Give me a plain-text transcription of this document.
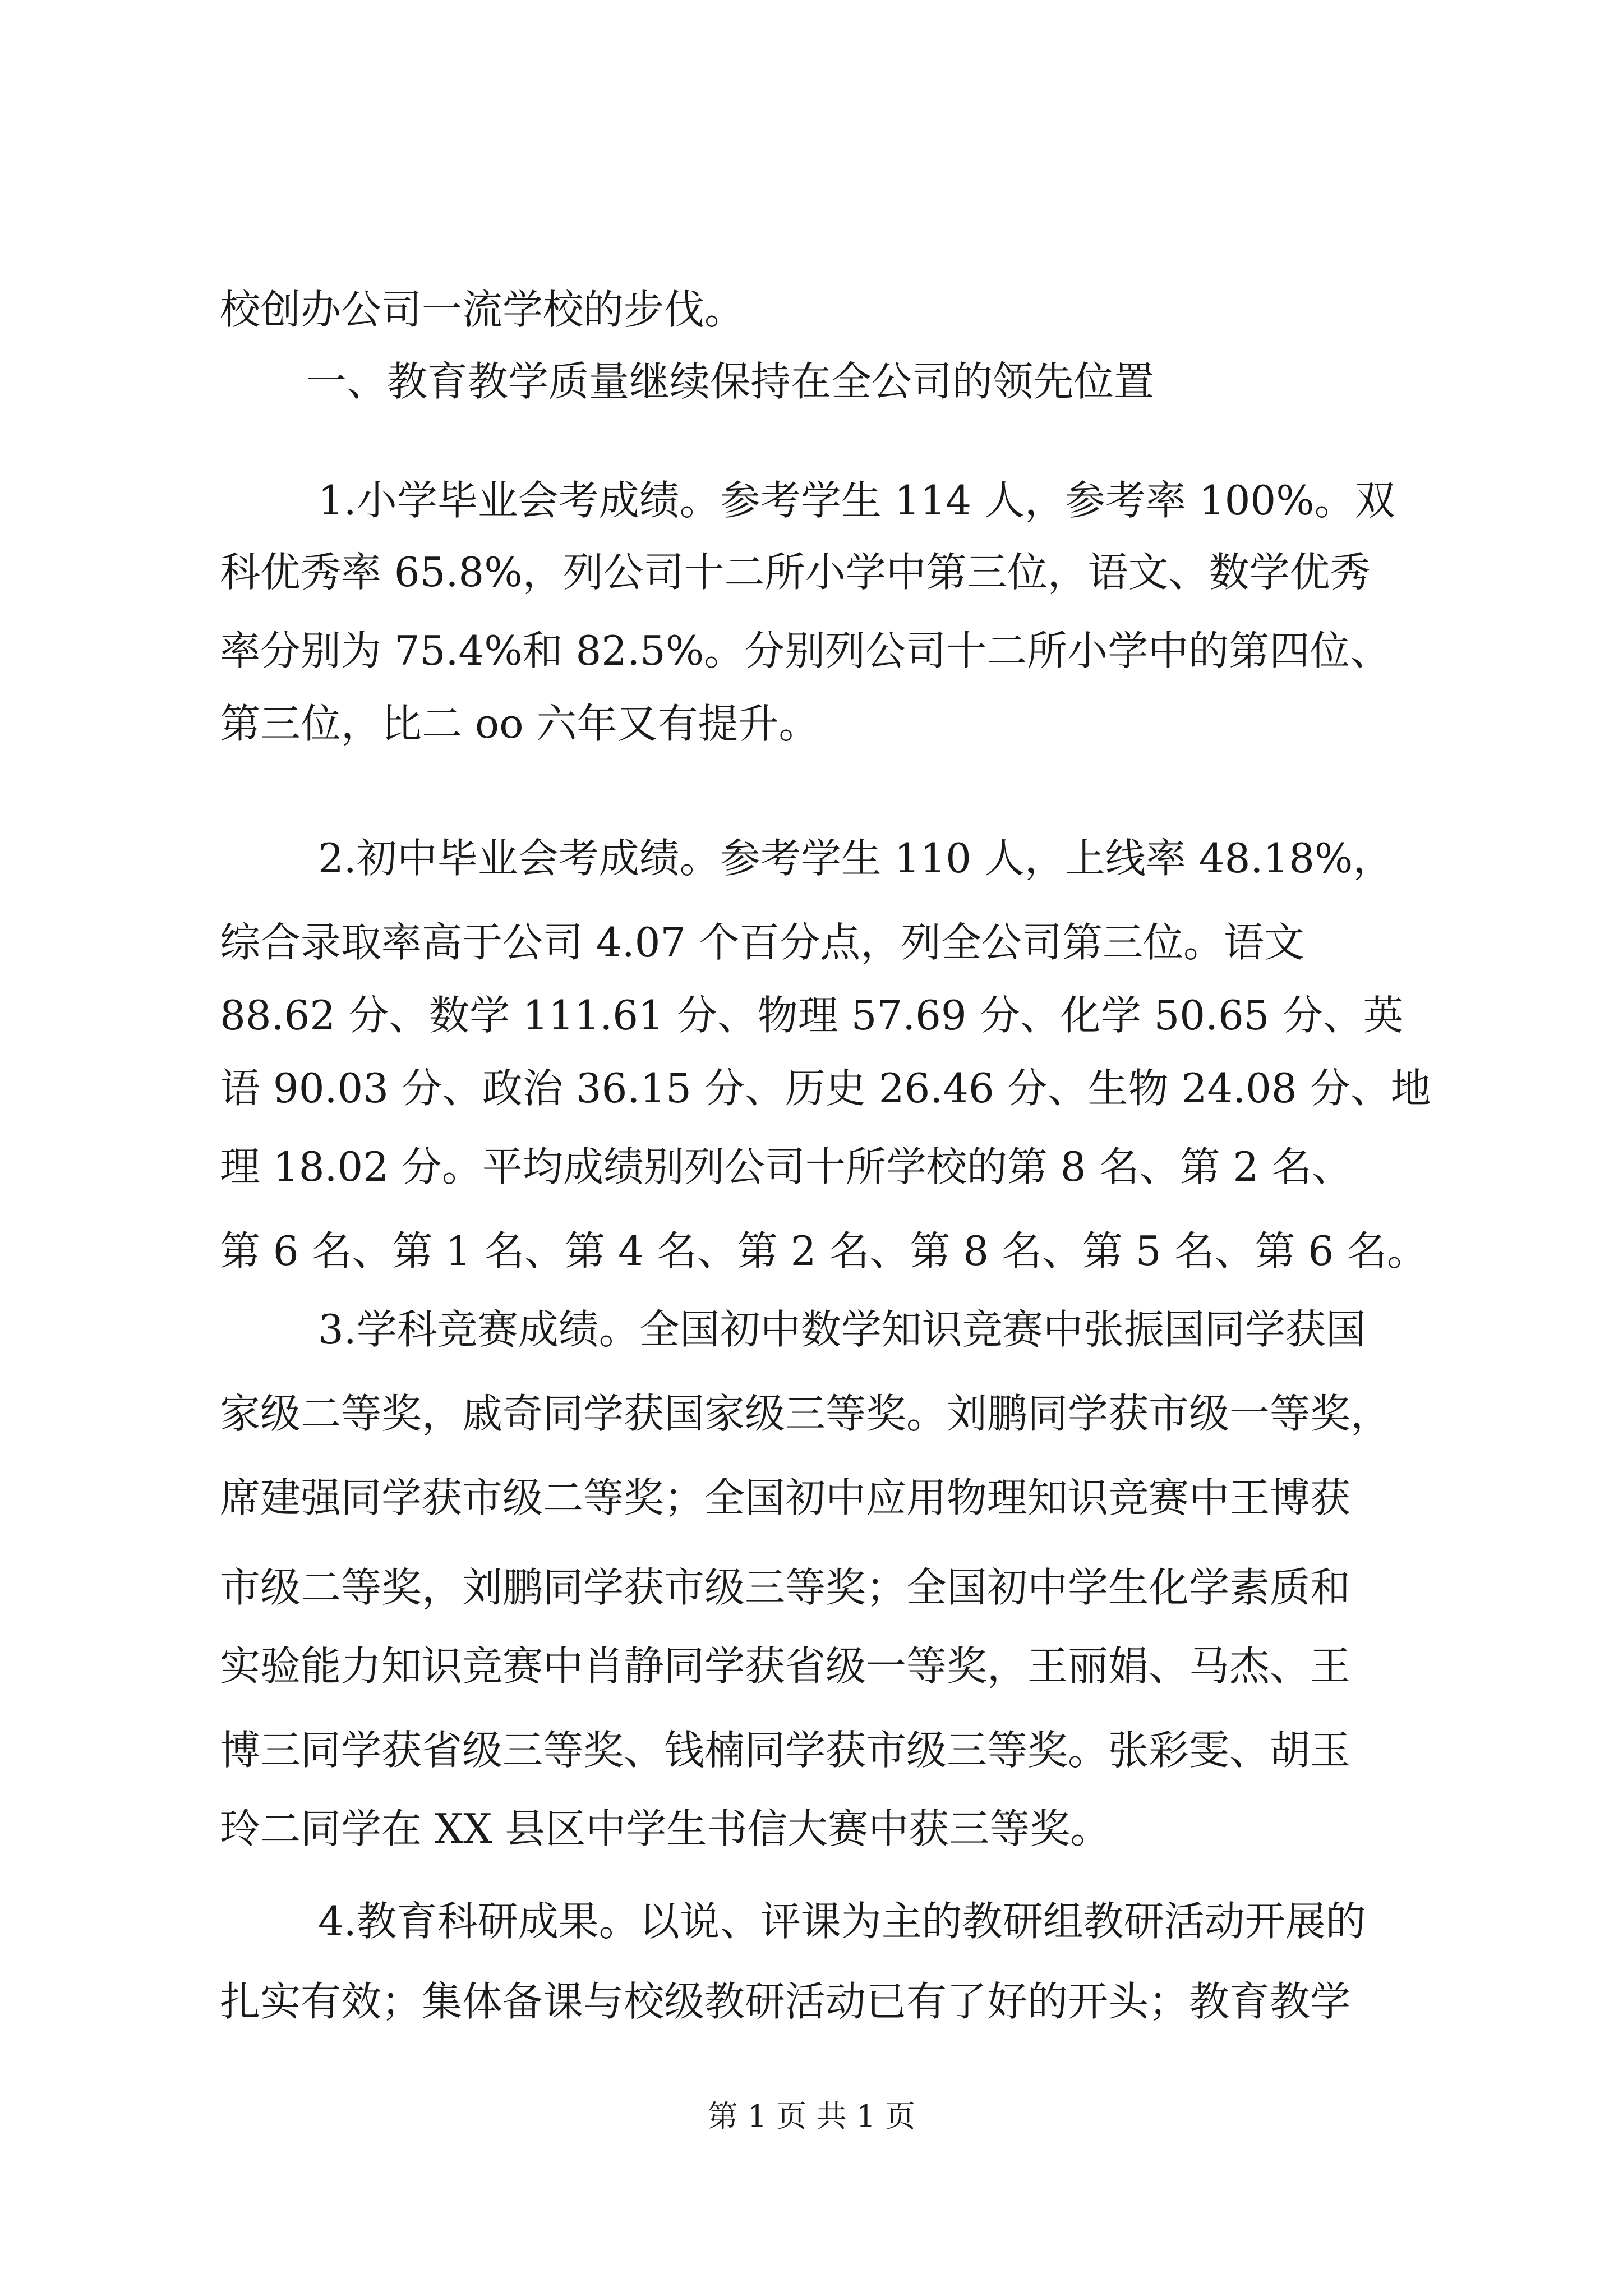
校创办公司一流学校的步伐。
一、教育教学质量继续保持在全公司的领先位置
1.小学毕业会考成绩。参考学生 114 人，参考率 100%。双
科优秀率 65.8%，列公司十二所小学中第三位，语文、数学优秀
率分别为 75.4%和 82.5%。分别列公司十二所小学中的第四位、
第三位，比二 oo 六年又有提升。
2.初中毕业会考成绩。参考学生 110 人，上线率 48.18%，
综合录取率高于公司 4.07 个百分点，列全公司第三位。语文
88.62 分、数学 111.61 分、物理 57.69 分、化学 50.65 分、英
语 90.03 分、政治 36.15 分、历史 26.46 分、生物 24.08 分、地
理 18.02 分。平均成绩别列公司十所学校的第 8 名、第 2 名、
第 6 名、第 1 名、第 4 名、第 2 名、第 8 名、第 5 名、第 6 名。
3.学科竞赛成绩。全国初中数学知识竞赛中张振国同学获国
家级二等奖，戚奇同学获国家级三等奖。刘鹏同学获市级一等奖，
席建强同学获市级二等奖；全国初中应用物理知识竞赛中王博获
市级二等奖，刘鹏同学获市级三等奖；全国初中学生化学素质和
实验能力知识竞赛中肖静同学获省级一等奖，王丽娟、马杰、王
博三同学获省级三等奖、钱楠同学获市级三等奖。张彩雯、胡玉
玲二同学在 XX 县区中学生书信大赛中获三等奖。
4.教育科研成果。以说、评课为主的教研组教研活动开展的
扎实有效；集体备课与校级教研活动已有了好的开头；教育教学
第 1 页 共 1 页
